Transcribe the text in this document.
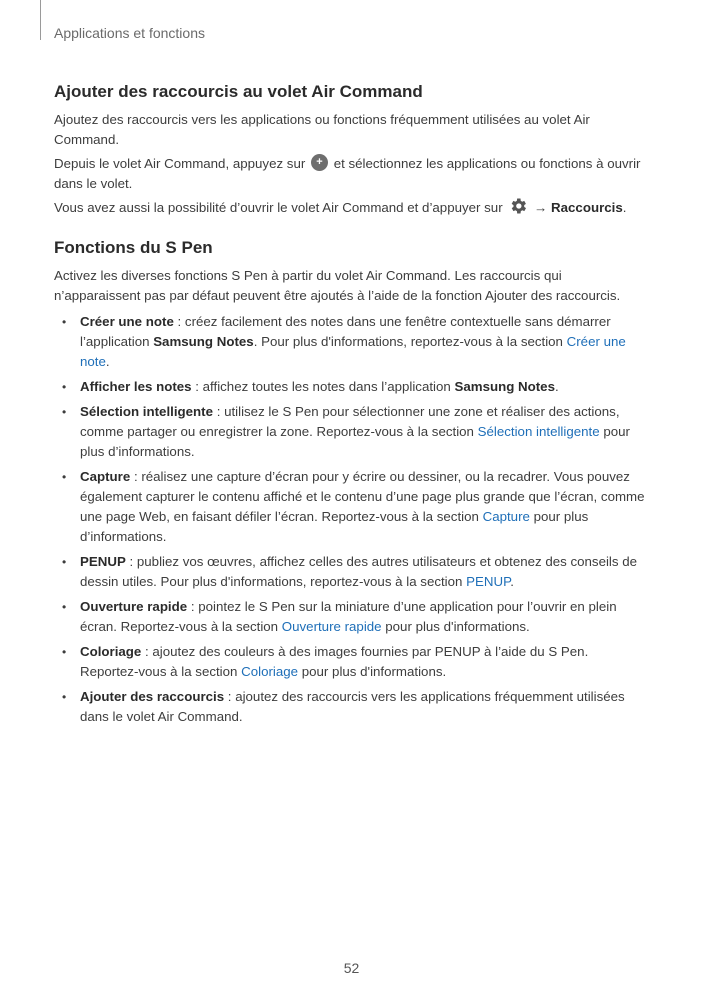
Applications et fonctions
Ajouter des raccourcis au volet Air Command

Ajoutez des raccourcis vers les applications ou fonctions fréquemment utilisées au volet Air Command.

Depuis le volet Air Command, appuyez sur + et sélectionnez les applications ou fonctions à ouvrir dans le volet.

Vous avez aussi la possibilité d’ouvrir le volet Air Command et d’appuyer sur  → Raccourcis.

Fonctions du S Pen

Activez les diverses fonctions S Pen à partir du volet Air Command. Les raccourcis qui n’apparaissent pas par défaut peuvent être ajoutés à l’aide de la fonction Ajouter des raccourcis.

• Créer une note : créez facilement des notes dans une fenêtre contextuelle sans démarrer l’application Samsung Notes. Pour plus d'informations, reportez-vous à la section Créer une note.
• Afficher les notes : affichez toutes les notes dans l’application Samsung Notes.
• Sélection intelligente : utilisez le S Pen pour sélectionner une zone et réaliser des actions, comme partager ou enregistrer la zone. Reportez-vous à la section Sélection intelligente pour plus d’informations.
• Capture : réalisez une capture d’écran pour y écrire ou dessiner, ou la recadrer. Vous pouvez également capturer le contenu affiché et le contenu d’une page plus grande que l’écran, comme une page Web, en faisant défiler l’écran. Reportez-vous à la section Capture pour plus d’informations.
• PENUP : publiez vos œuvres, affichez celles des autres utilisateurs et obtenez des conseils de dessin utiles. Pour plus d'informations, reportez-vous à la section PENUP.
• Ouverture rapide : pointez le S Pen sur la miniature d’une application pour l’ouvrir en plein écran. Reportez-vous à la section Ouverture rapide pour plus d'informations.
• Coloriage : ajoutez des couleurs à des images fournies par PENUP à l’aide du S Pen. Reportez-vous à la section Coloriage pour plus d'informations.
• Ajouter des raccourcis : ajoutez des raccourcis vers les applications fréquemment utilisées dans le volet Air Command.
52
